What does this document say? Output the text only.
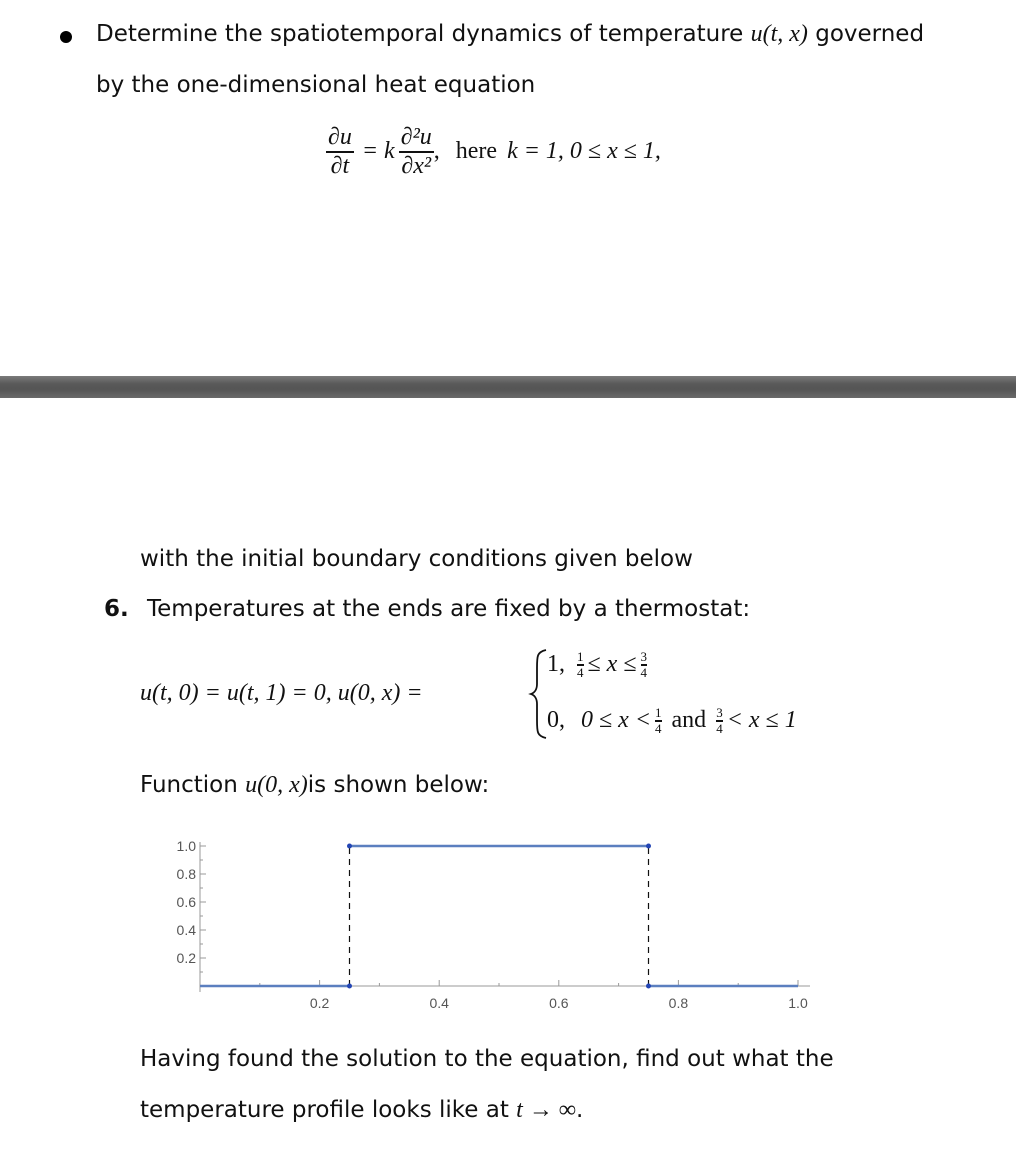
Determine the spatiotemporal dynamics of temperature u(t, x) governed
by the one-dimensional heat equation
$\frac{\partial u}{\partial t} = k \frac{\text{∂²u}}{\text{∂x²}}$ , here k = 1, 0 ≤ x ≤ 1,
with the initial boundary conditions given below
6. Temperatures at the ends are fixed by a thermostat:
u(t, 0) = u(t, 1) = 0, u(0, x) =
1, $\frac{1}{4} \le x \le \frac{3}{4}$
0, $0 \le x < \frac{1}{4}$ and $\frac{3}{4} < x \le 1$
Function u(0, x)is shown below:
1.0
0.8
0.6
0.4
0.2
0.2	0.4	0.6	0.8	1.0
Having found the solution to the equation, find out what the
temperature profile looks like at t → ∞.
